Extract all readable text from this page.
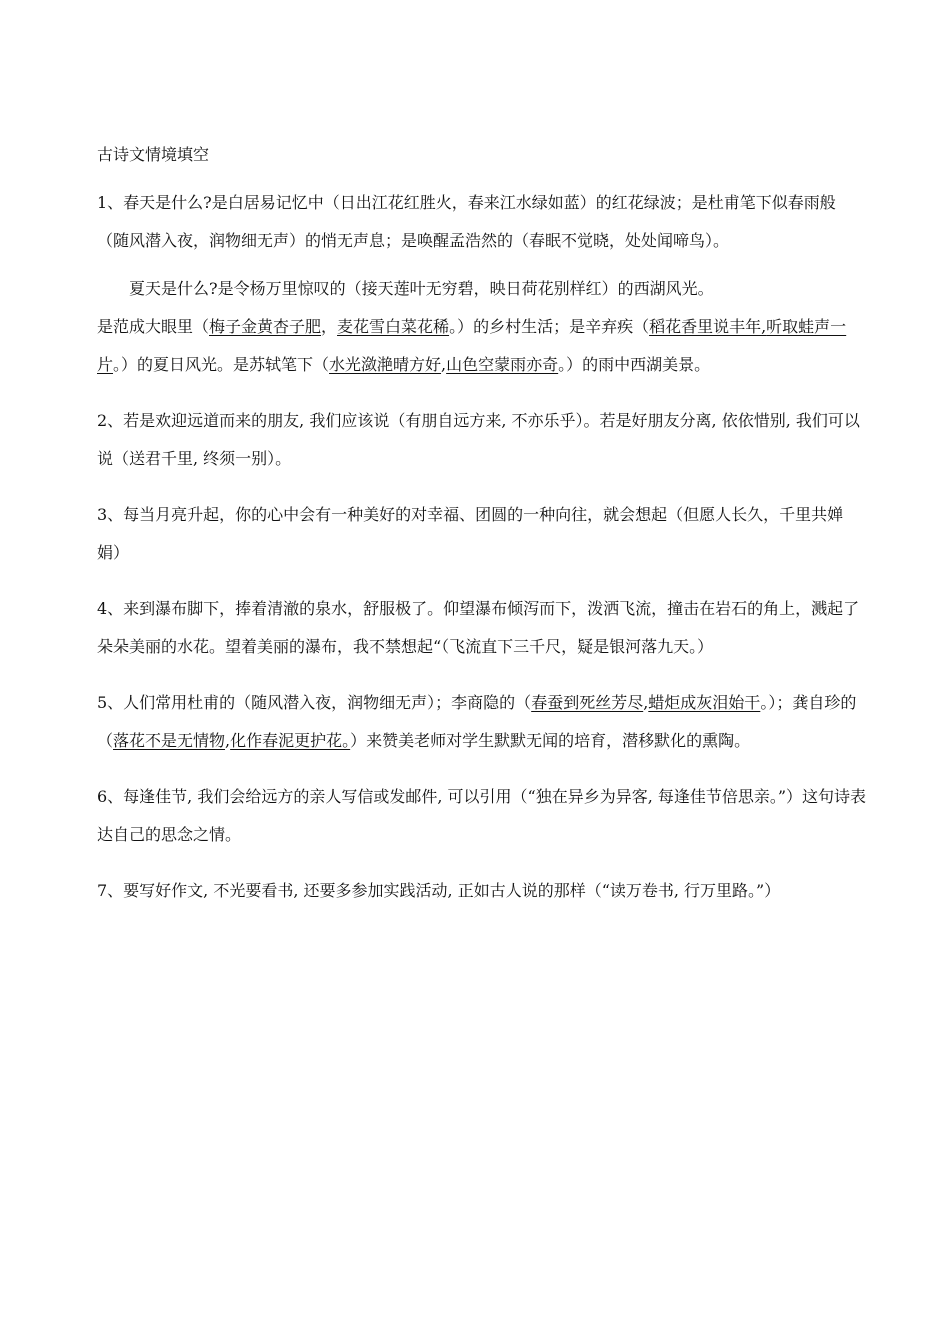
古诗文情境填空

1、春天是什么?是白居易记忆中（日出江花红胜火，春来江水绿如蓝）的红花绿波；是杜甫笔下似春雨般（随风潜入夜，润物细无声）的悄无声息；是唤醒孟浩然的（春眠不觉晓，处处闻啼鸟）。

夏天是什么?是令杨万里惊叹的（接天莲叶无穷碧，映日荷花别样红）的西湖风光。

是范成大眼里（梅子金黄杏子肥，麦花雪白菜花稀。）的乡村生活；是辛弃疾（稻花香里说丰年,听取蛙声一片。）的夏日风光。是苏轼笔下（水光潋滟晴方好,山色空蒙雨亦奇。）的雨中西湖美景。

2、若是欢迎远道而来的朋友, 我们应该说（有朋自远方来, 不亦乐乎）。若是好朋友分离, 依依惜别, 我们可以说（送君千里, 终须一别）。

3、每当月亮升起，你的心中会有一种美好的对幸福、团圆的一种向往，就会想起（但愿人长久，千里共婵娟）

4、来到瀑布脚下，捧着清澈的泉水，舒服极了。仰望瀑布倾泻而下，泼洒飞流，撞击在岩石的角上，溅起了朵朵美丽的水花。望着美丽的瀑布，我不禁想起“（飞流直下三千尺，疑是银河落九天。）

5、人们常用杜甫的（随风潜入夜，润物细无声）；李商隐的（春蚕到死丝芳尽,蜡炬成灰泪始干。）；龚自珍的（落花不是无情物,化作春泥更护花。）来赞美老师对学生默默无闻的培育，潜移默化的熏陶。

6、每逢佳节, 我们会给远方的亲人写信或发邮件, 可以引用（“独在异乡为异客, 每逢佳节倍思亲。”）这句诗表达自己的思念之情。

7、要写好作文, 不光要看书, 还要多参加实践活动, 正如古人说的那样（“读万卷书, 行万里路。”）
